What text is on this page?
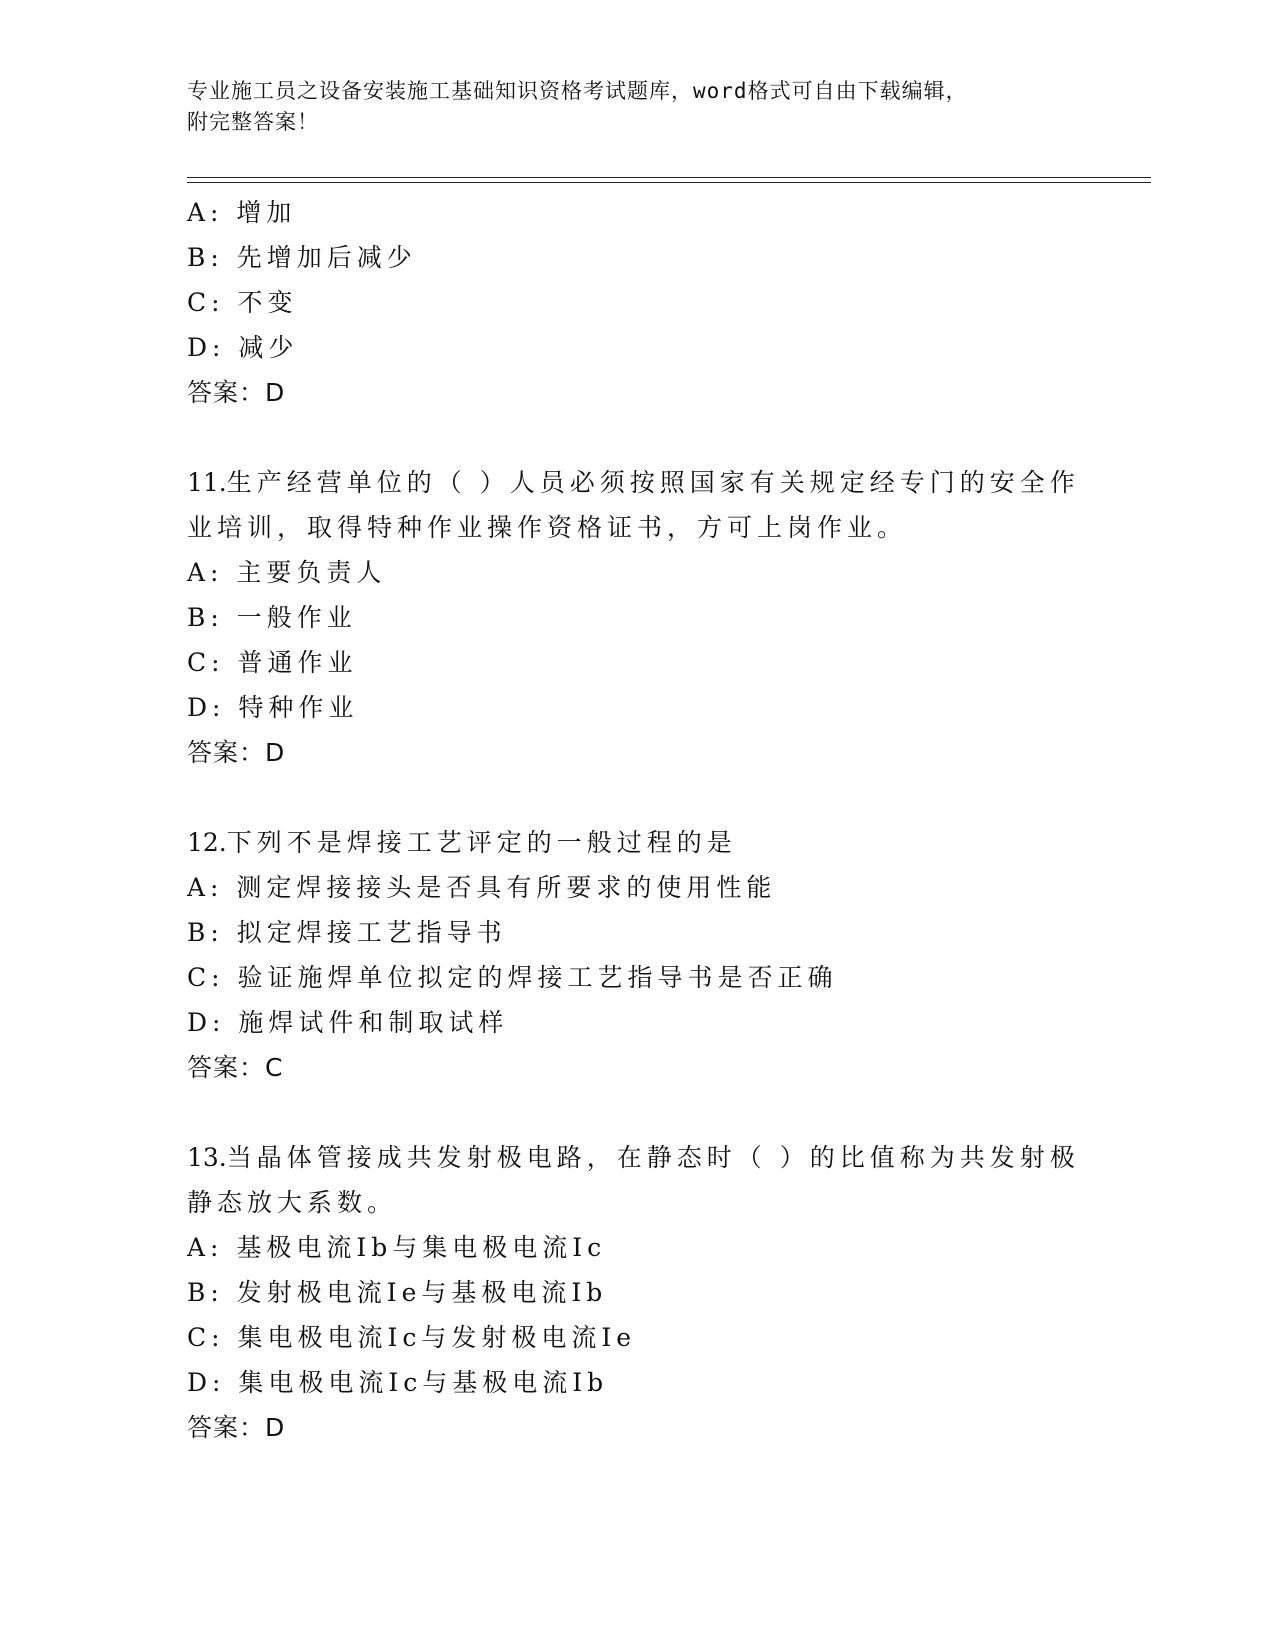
专业施工员之设备安装施工基础知识资格考试题库，word格式可自由下载编辑，
附完整答案！
A: 增加
B: 先增加后减少
C: 不变
D: 减少
答案：D
11.生产经营单位的（ ）人员必须按照国家有关规定经专门的安全作
业培训，取得特种作业操作资格证书，方可上岗作业。
A: 主要负责人
B: 一般作业
C: 普通作业
D: 特种作业
答案：D
12.下列不是焊接工艺评定的一般过程的是
A: 测定焊接接头是否具有所要求的使用性能
B: 拟定焊接工艺指导书
C: 验证施焊单位拟定的焊接工艺指导书是否正确
D: 施焊试件和制取试样
答案：C
13.当晶体管接成共发射极电路，在静态时（ ）的比值称为共发射极
静态放大系数。
A: 基极电流Ib与集电极电流Ic
B: 发射极电流Ie与基极电流Ib
C: 集电极电流Ic与发射极电流Ie
D: 集电极电流Ic与基极电流Ib
答案：D
